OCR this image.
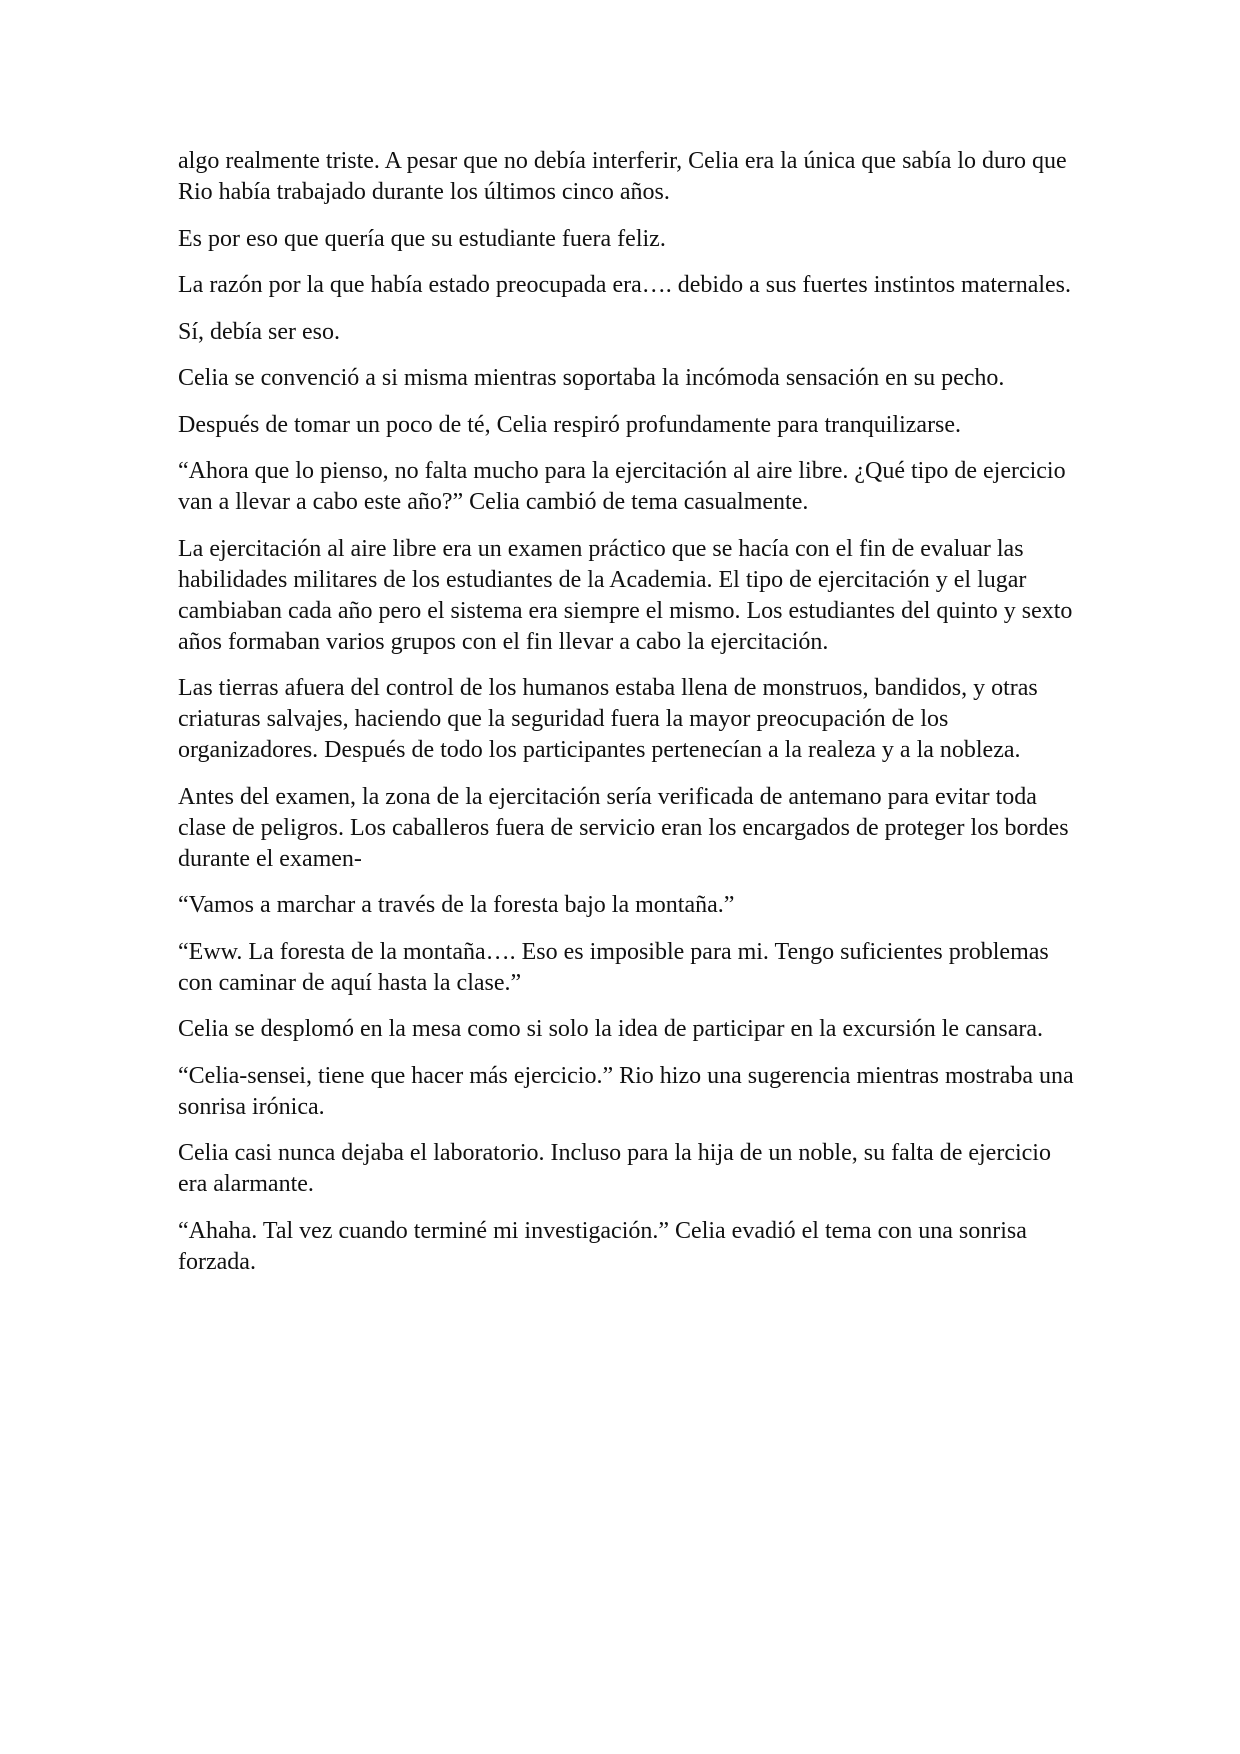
algo realmente triste. A pesar que no debía interferir, Celia era la única que sabía lo duro que Rio había trabajado durante los últimos cinco años.

Es por eso que quería que su estudiante fuera feliz.

La razón por la que había estado preocupada era…. debido a sus fuertes instintos maternales.

Sí, debía ser eso.

Celia se convenció a si misma mientras soportaba la incómoda sensación en su pecho.

Después de tomar un poco de té, Celia respiró profundamente para tranquilizarse.

“Ahora que lo pienso, no falta mucho para la ejercitación al aire libre. ¿Qué tipo de ejercicio van a llevar a cabo este año?” Celia cambió de tema casualmente.

La ejercitación al aire libre era un examen práctico que se hacía con el fin de evaluar las habilidades militares de los estudiantes de la Academia. El tipo de ejercitación y el lugar cambiaban cada año pero el sistema era siempre el mismo. Los estudiantes del quinto y sexto años formaban varios grupos con el fin llevar a cabo la ejercitación.

Las tierras afuera del control de los humanos estaba llena de monstruos, bandidos, y otras criaturas salvajes, haciendo que la seguridad fuera la mayor preocupación de los organizadores. Después de todo los participantes pertenecían a la realeza y a la nobleza.

Antes del examen, la zona de la ejercitación sería verificada de antemano para evitar toda clase de peligros. Los caballeros fuera de servicio eran los encargados de proteger los bordes durante el examen-

“Vamos a marchar a través de la foresta bajo la montaña.”

“Eww. La foresta de la montaña…. Eso es imposible para mi. Tengo suficientes problemas con caminar de aquí hasta la clase.”

Celia se desplomó en la mesa como si solo la idea de participar en la excursión le cansara.

“Celia-sensei, tiene que hacer más ejercicio.” Rio hizo una sugerencia mientras mostraba una sonrisa irónica.

Celia casi nunca dejaba el laboratorio. Incluso para la hija de un noble, su falta de ejercicio era alarmante.

“Ahaha. Tal vez cuando terminé mi investigación.” Celia evadió el tema con una sonrisa forzada.
